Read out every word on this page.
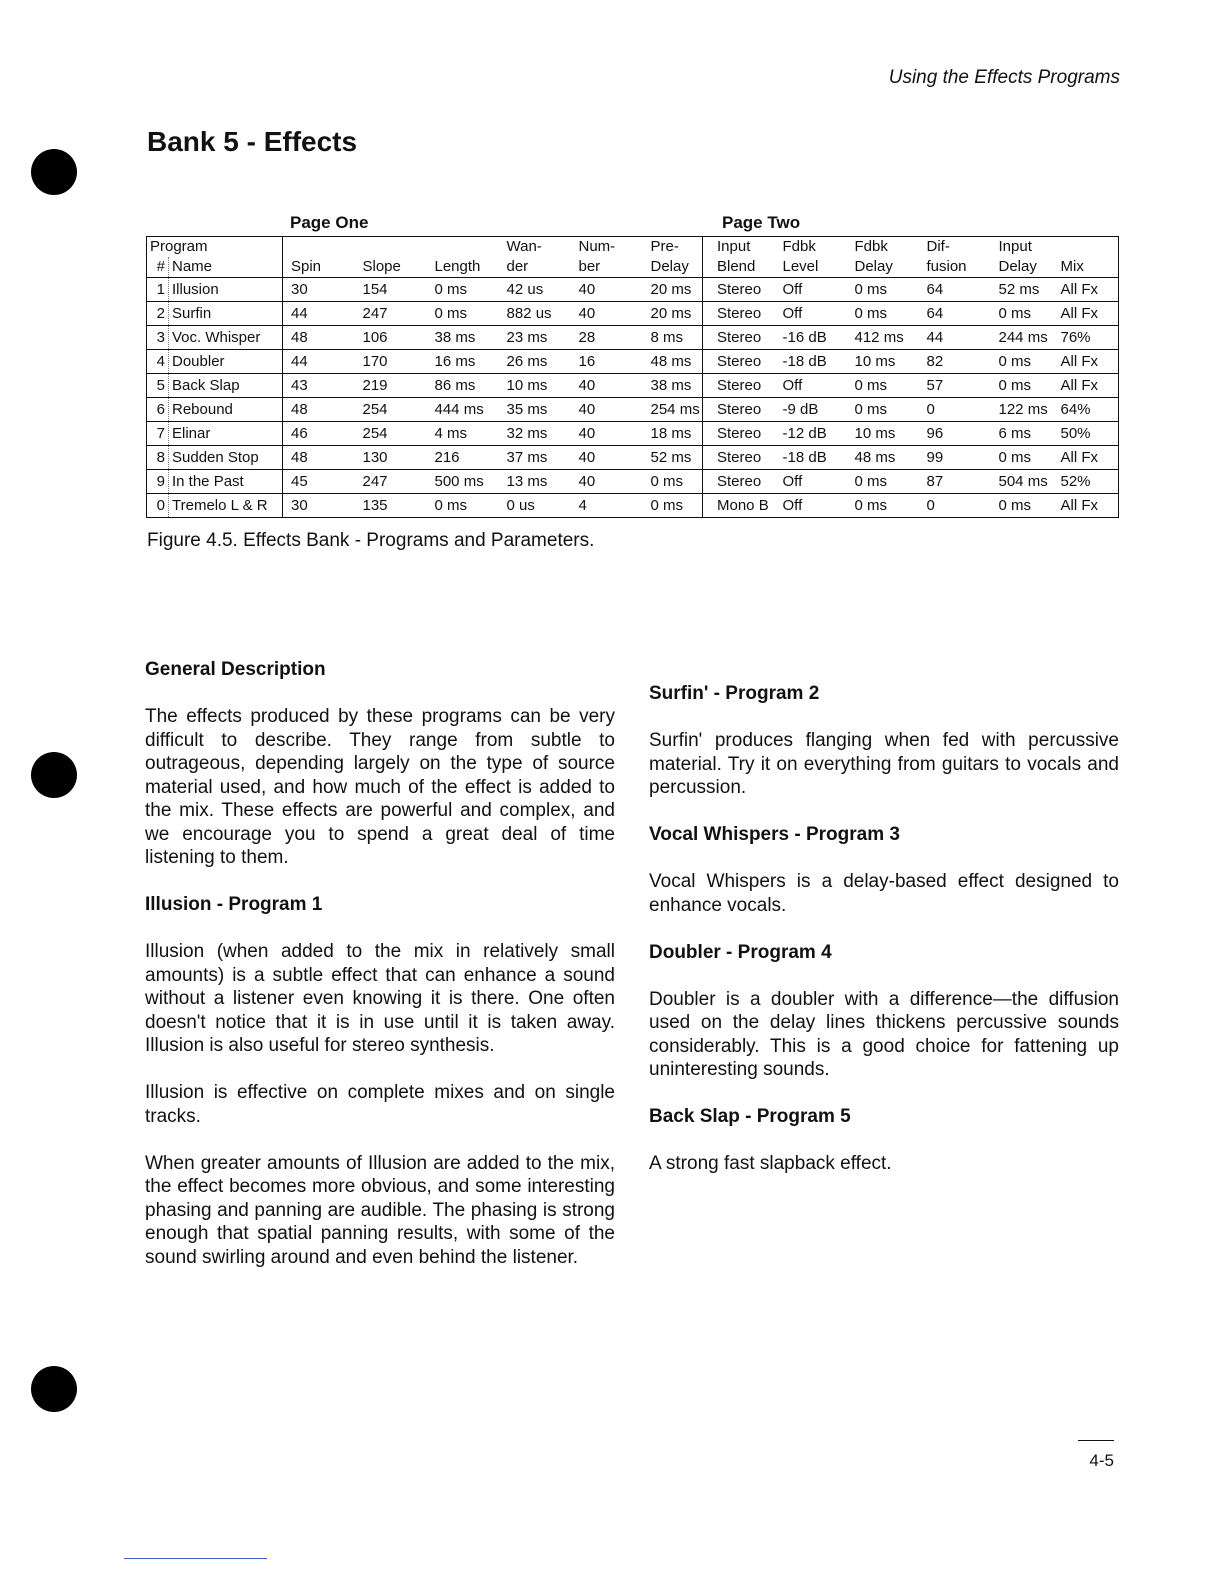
Using the Effects Programs
Bank 5 - Effects
Page One	Page Two
Program					Wan-	Num-	Pre-	Input	Fdbk	Fdbk	Dif-	Input	
#	Name	Spin	Slope	Length	der	ber	Delay	Blend	Level	Delay	fusion	Delay	Mix
1	Illusion	30	154	0 ms	42 us	40	20 ms	Stereo	Off	0 ms	64	52 ms	All Fx
2	Surfin	44	247	0 ms	882 us	40	20 ms	Stereo	Off	0 ms	64	0 ms	All Fx
3	Voc. Whisper	48	106	38 ms	23 ms	28	8 ms	Stereo	-16 dB	412 ms	44	244 ms	76%
4	Doubler	44	170	16 ms	26 ms	16	48 ms	Stereo	-18 dB	10 ms	82	0 ms	All Fx
5	Back Slap	43	219	86 ms	10 ms	40	38 ms	Stereo	Off	0 ms	57	0 ms	All Fx
6	Rebound	48	254	444 ms	35 ms	40	254 ms	Stereo	-9 dB	0 ms	0	122 ms	64%
7	Elinar	46	254	4 ms	32 ms	40	18 ms	Stereo	-12 dB	10 ms	96	6 ms	50%
8	Sudden Stop	48	130	216	37 ms	40	52 ms	Stereo	-18 dB	48 ms	99	0 ms	All Fx
9	In the Past	45	247	500 ms	13 ms	40	0 ms	Stereo	Off	0 ms	87	504 ms	52%
0	Tremelo L & R	30	135	0 ms	0 us	4	0 ms	Mono B	Off	0 ms	0	0 ms	All Fx

Figure 4.5. Effects Bank - Programs and Parameters.

General Description

The effects produced by these programs can be very difficult to describe. They range from subtle to outrageous, depending largely on the type of source material used, and how much of the effect is added to the mix. These effects are powerful and complex, and we encourage you to spend a great deal of time listening to them.

Illusion - Program 1

Illusion (when added to the mix in relatively small amounts) is a subtle effect that can enhance a sound without a listener even knowing it is there. One often doesn't notice that it is in use until it is taken away. Illusion is also useful for stereo synthesis.

Illusion is effective on complete mixes and on single tracks.

When greater amounts of Illusion are added to the mix, the effect becomes more obvious, and some interesting phasing and panning are audible. The phasing is strong enough that spatial panning results, with some of the sound swirling around and even behind the listener.

Surfin' - Program 2

Surfin' produces flanging when fed with percussive material. Try it on everything from guitars to vocals and percussion.

Vocal Whispers - Program 3

Vocal Whispers is a delay-based effect designed to enhance vocals.

Doubler - Program 4

Doubler is a doubler with a difference—the diffusion used on the delay lines thickens percussive sounds considerably. This is a good choice for fattening up uninteresting sounds.

Back Slap - Program 5

A strong fast slapback effect.

4-5
